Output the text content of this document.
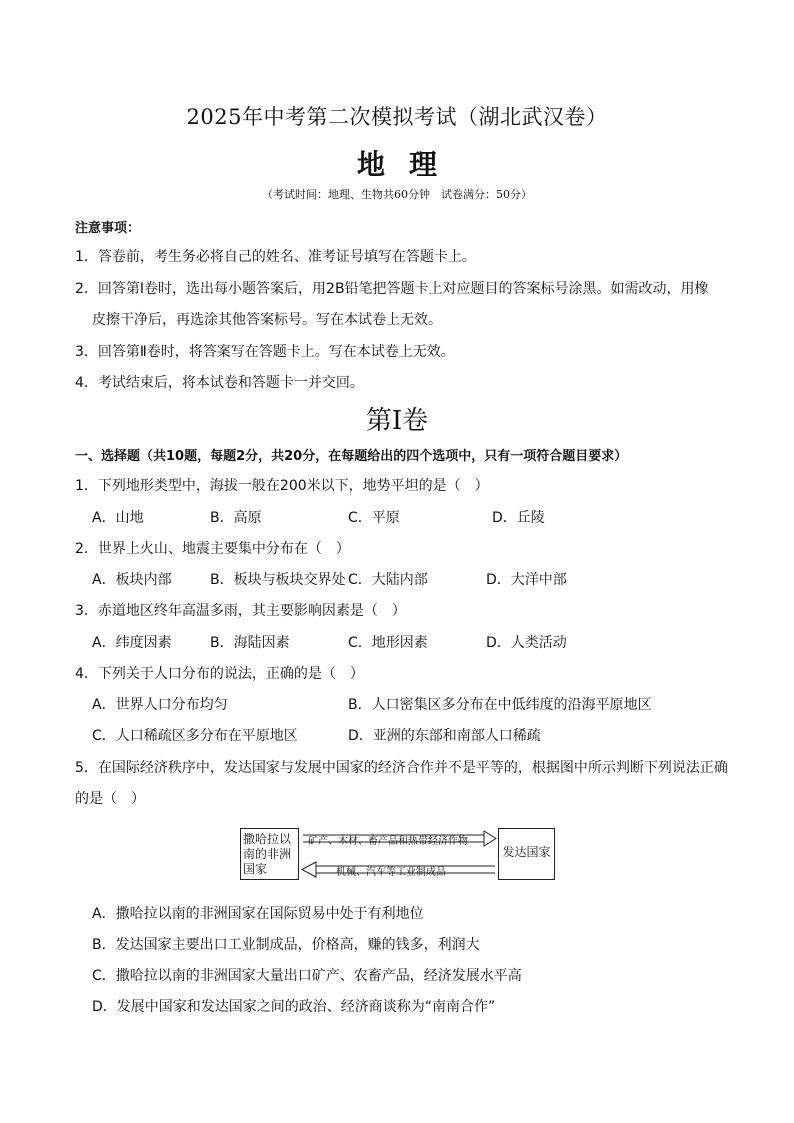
2025年中考第二次模拟考试（湖北武汉卷）
地理
（考试时间：地理、生物共60分钟　试卷满分：50分）
注意事项：
1．答卷前，考生务必将自己的姓名、准考证号填写在答题卡上。
2．回答第Ⅰ卷时，选出每小题答案后，用2B铅笔把答题卡上对应题目的答案标号涂黑。如需改动，用橡
皮擦干净后，再选涂其他答案标号。写在本试卷上无效。
3．回答第Ⅱ卷时，将答案写在答题卡上。写在本试卷上无效。
4．考试结束后，将本试卷和答题卡一并交回。
第Ⅰ卷
一、选择题（共10题，每题2分，共20分，在每题给出的四个选项中，只有一项符合题目要求）
1．下列地形类型中，海拔一般在200米以下，地势平坦的是（　）
A．山地	B．高原	C．平原	D．丘陵
2．世界上火山、地震主要集中分布在（　）
A．板块内部	B．板块与板块交界处 C．大陆内部	D．大洋中部
3．赤道地区终年高温多雨，其主要影响因素是（　）
A．纬度因素	B．海陆因素	C．地形因素	D．人类活动
4．下列关于人口分布的说法，正确的是（　）
A．世界人口分布均匀	B．人口密集区多分布在中低纬度的沿海平原地区
C．人口稀疏区多分布在平原地区	D．亚洲的东部和南部人口稀疏
5．在国际经济秩序中，发达国家与发展中国家的经济合作并不是平等的，根据图中所示判断下列说法正确
的是（　）
撒哈拉以
南的非洲
国家
发达国家
矿产、木材、畜产品和热带经济作物
机械、汽车等工业制成品
A．撒哈拉以南的非洲国家在国际贸易中处于有利地位
B．发达国家主要出口工业制成品，价格高，赚的钱多，利润大
C．撒哈拉以南的非洲国家大量出口矿产、农畜产品，经济发展水平高
D．发展中国家和发达国家之间的政治、经济商谈称为“南南合作”
